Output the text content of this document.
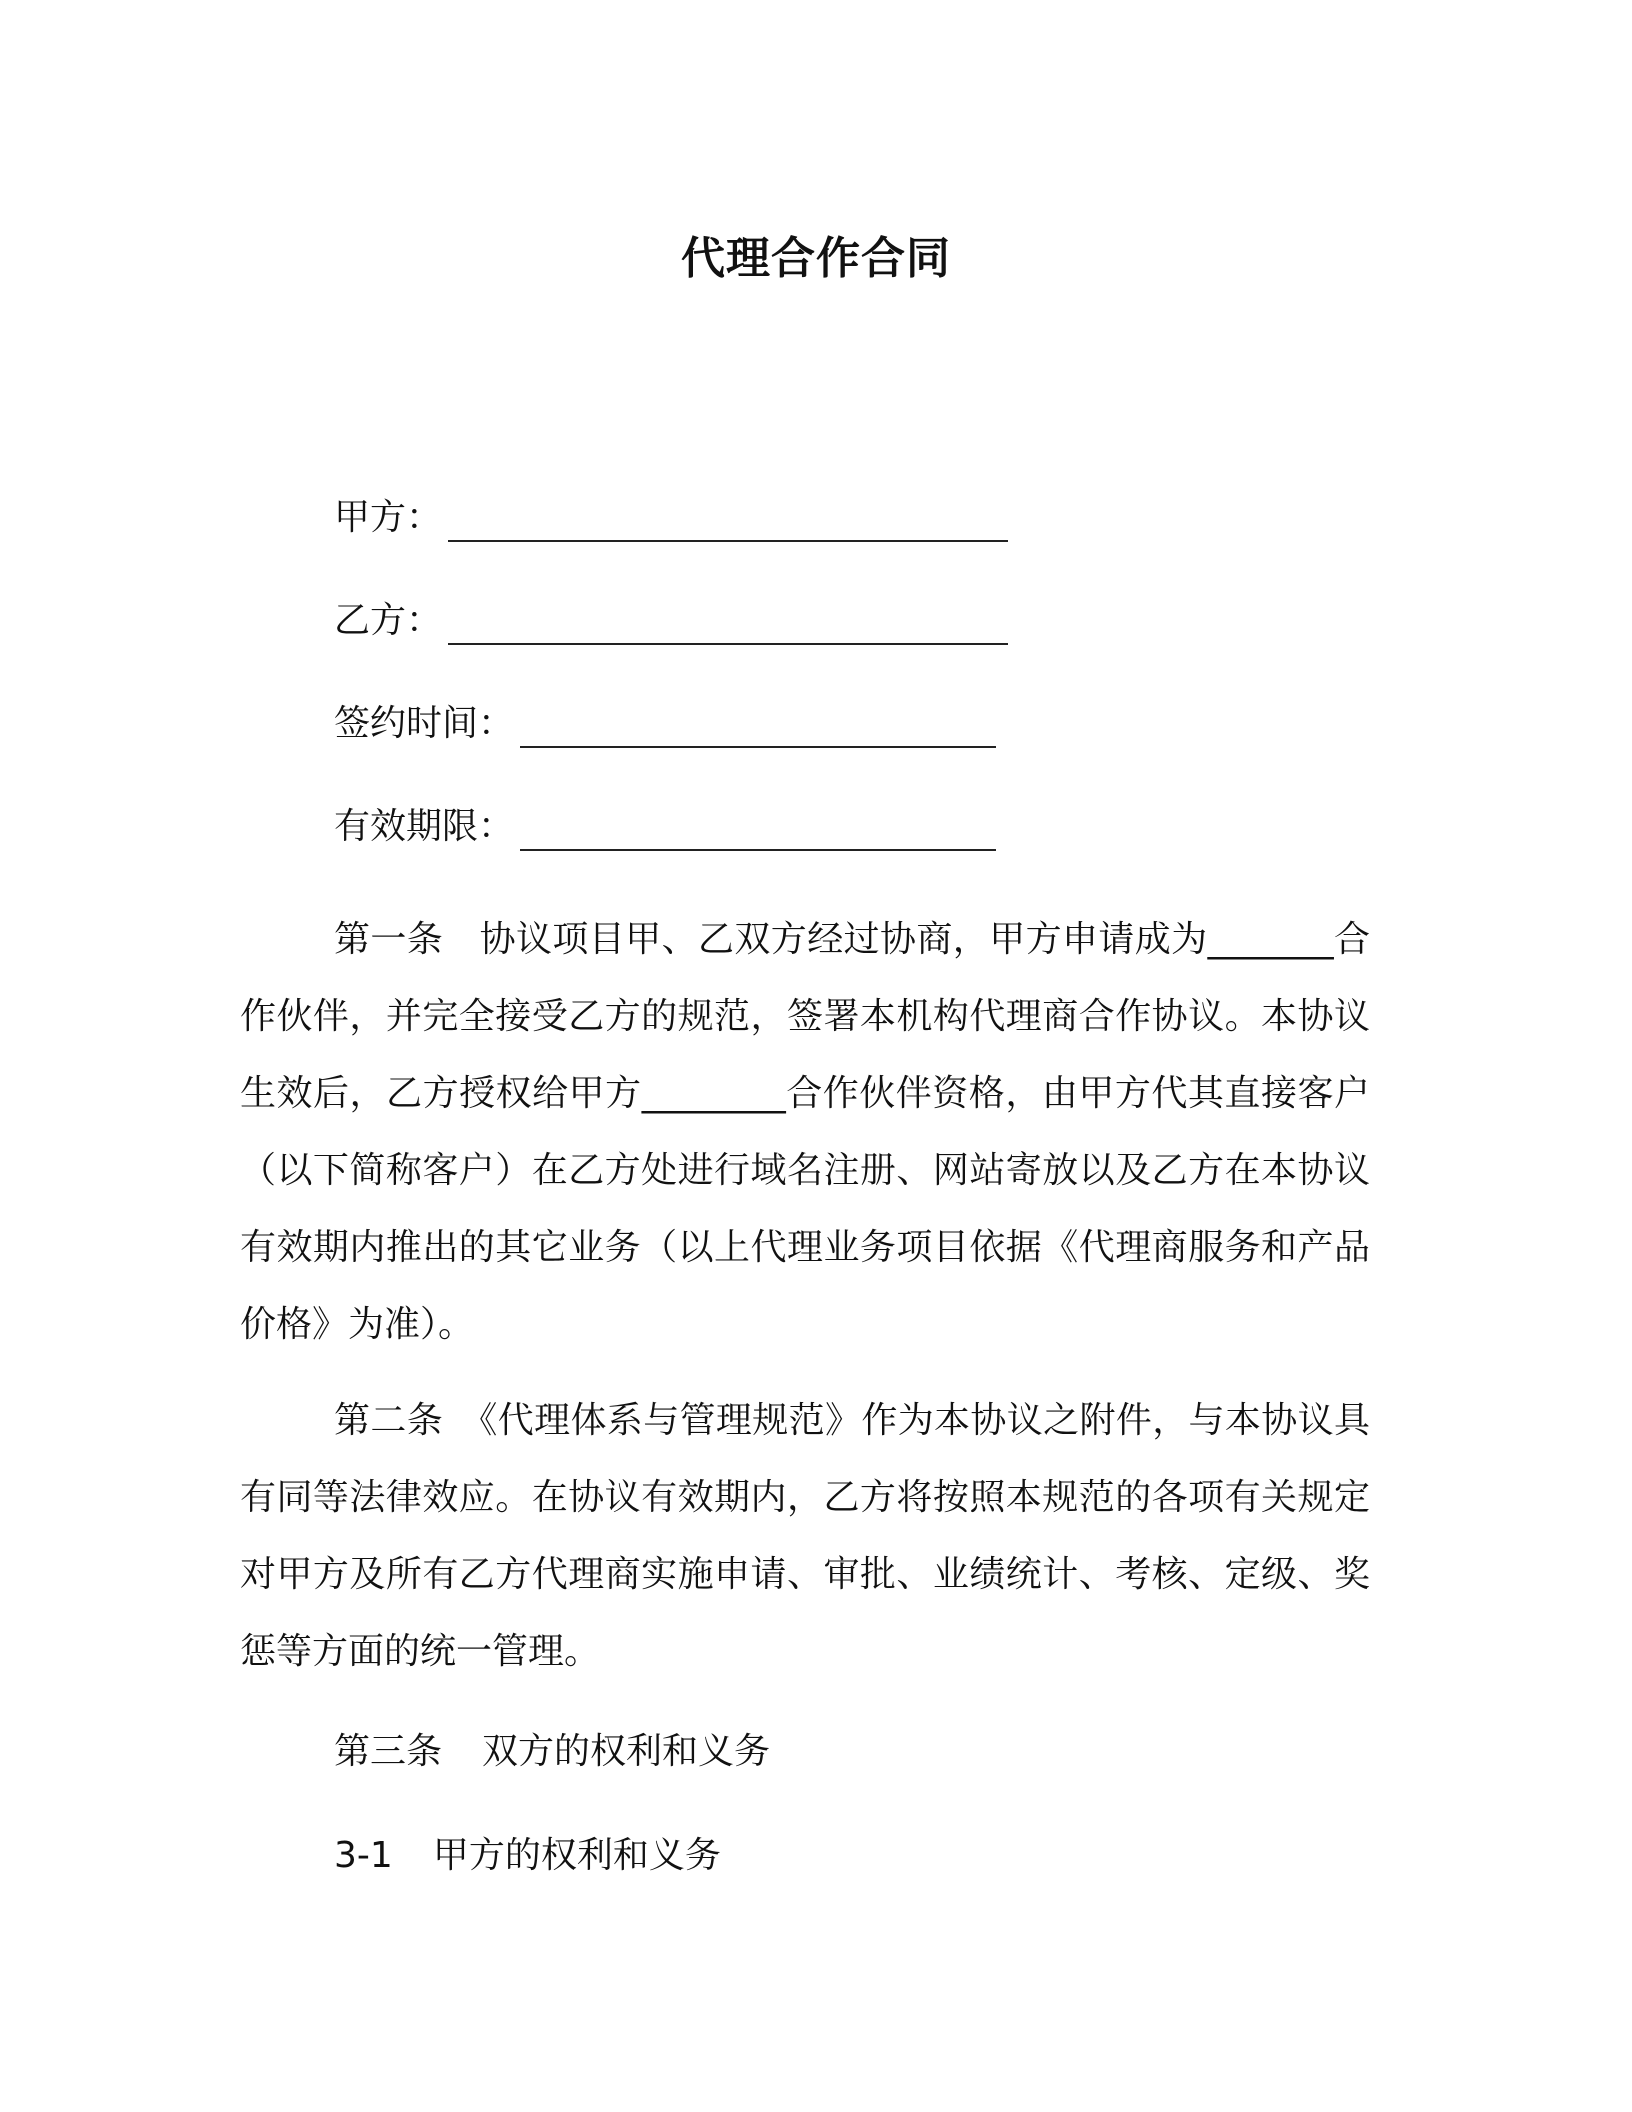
代理合作合同
甲方：
乙方：
签约时间：
有效期限：

第一条　协议项目甲、乙双方经过协商，甲方申请成为_______合作伙伴，并完全接受乙方的规范，签署本机构代理商合作协议。本协议生效后，乙方授权给甲方________合作伙伴资格，由甲方代其直接客户（以下简称客户）在乙方处进行域名注册、网站寄放以及乙方在本协议有效期内推出的其它业务（以上代理业务项目依据《代理商服务和产品价格》为准）。

第二条　《代理体系与管理规范》作为本协议之附件，与本协议具有同等法律效应。在协议有效期内，乙方将按照本规范的各项有关规定对甲方及所有乙方代理商实施申请、审批、业绩统计、考核、定级、奖惩等方面的统一管理。

第三条 双方的权利和义务

3-1 甲方的权利和义务
